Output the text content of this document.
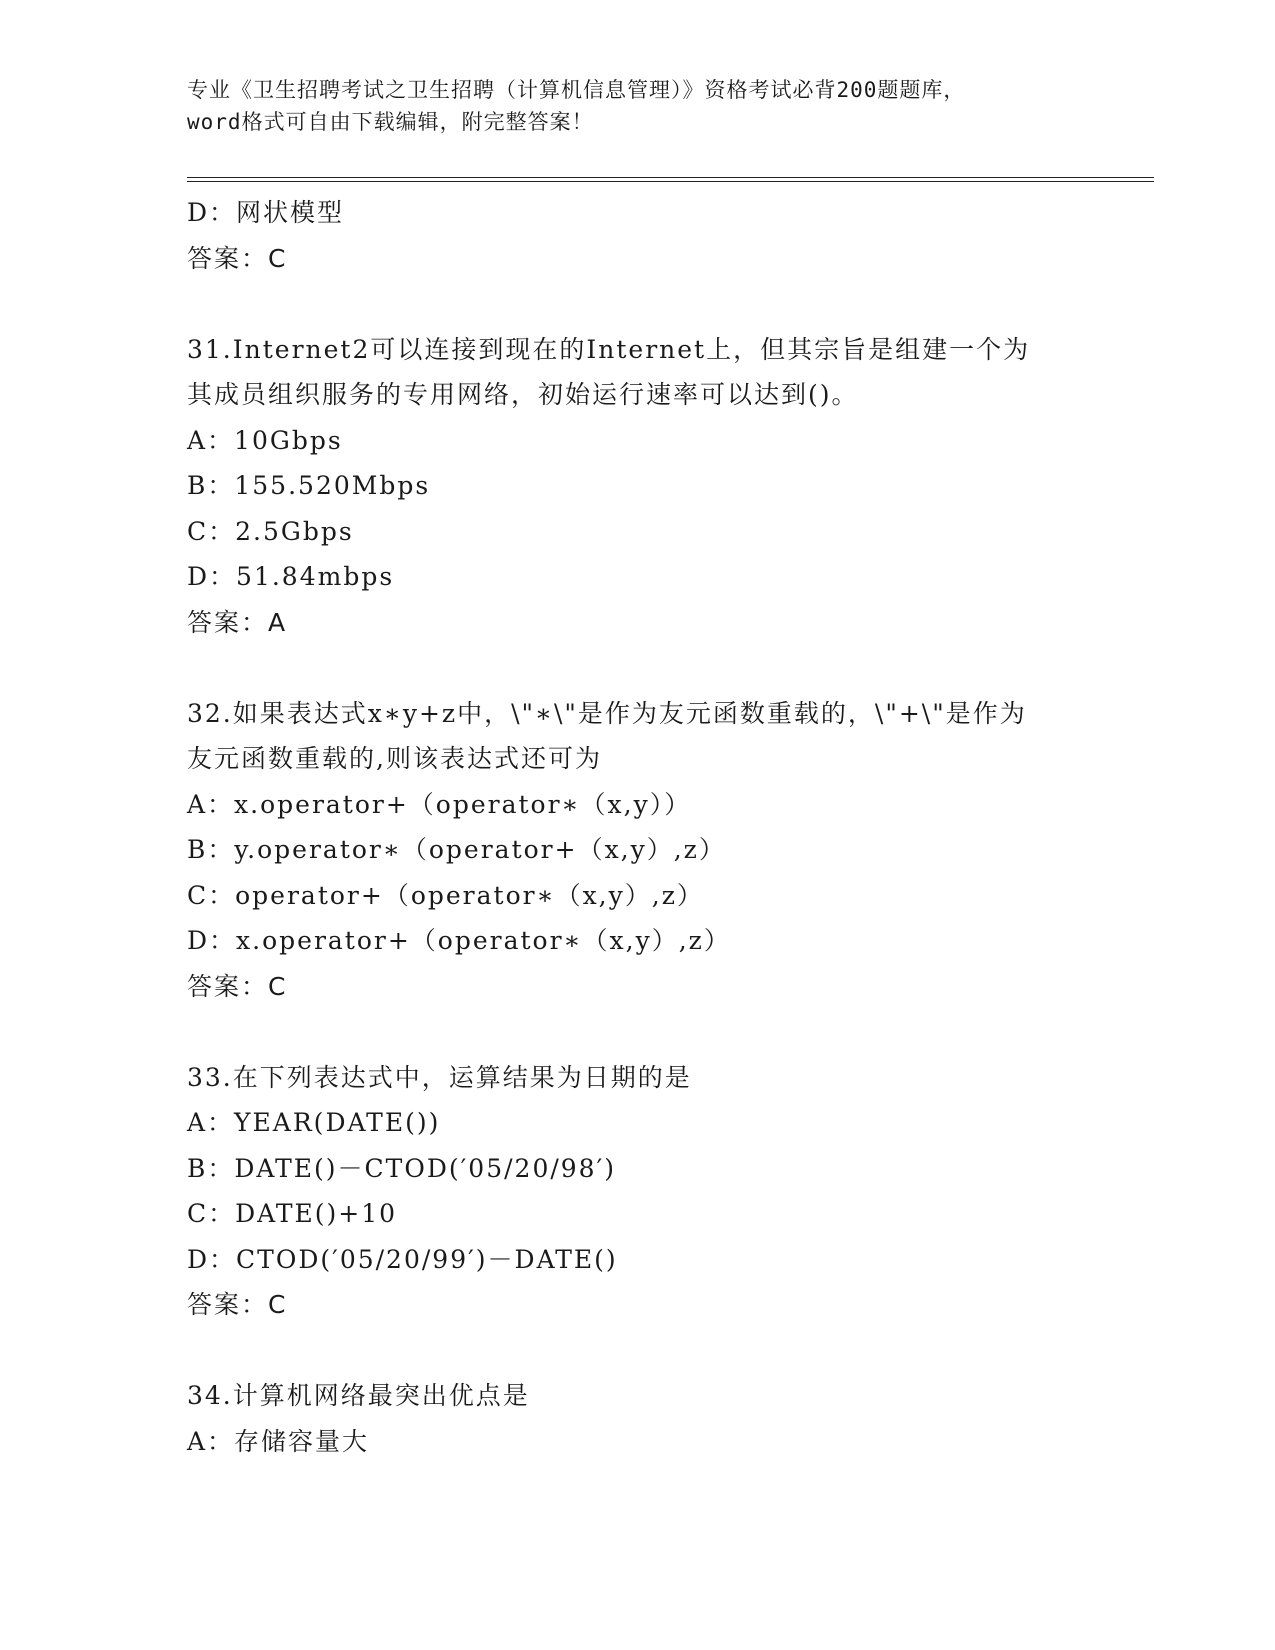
专业《卫生招聘考试之卫生招聘（计算机信息管理）》资格考试必背200题题库，
word格式可自由下载编辑，附完整答案！
D：网状模型
答案：C
31.Internet2可以连接到现在的Internet上，但其宗旨是组建一个为
其成员组织服务的专用网络，初始运行速率可以达到()。
A：10Gbps
B：155.520Mbps
C：2.5Gbps
D：51.84mbps
答案：A
32.如果表达式x∗y+z中，\"∗\"是作为友元函数重载的，\"+\"是作为
友元函数重载的,则该表达式还可为
A：x.operator+（operator∗（x,y））
B：y.operator∗（operator+（x,y）,z）
C：operator+（operator∗（x,y）,z）
D：x.operator+（operator∗（x,y）,z）
答案：C
33.在下列表达式中，运算结果为日期的是
A：YEAR(DATE())
B：DATE()－CTOD(′05/20/98′)
C：DATE()+10
D：CTOD(′05/20/99′)－DATE()
答案：C
34.计算机网络最突出优点是
A：存储容量大
